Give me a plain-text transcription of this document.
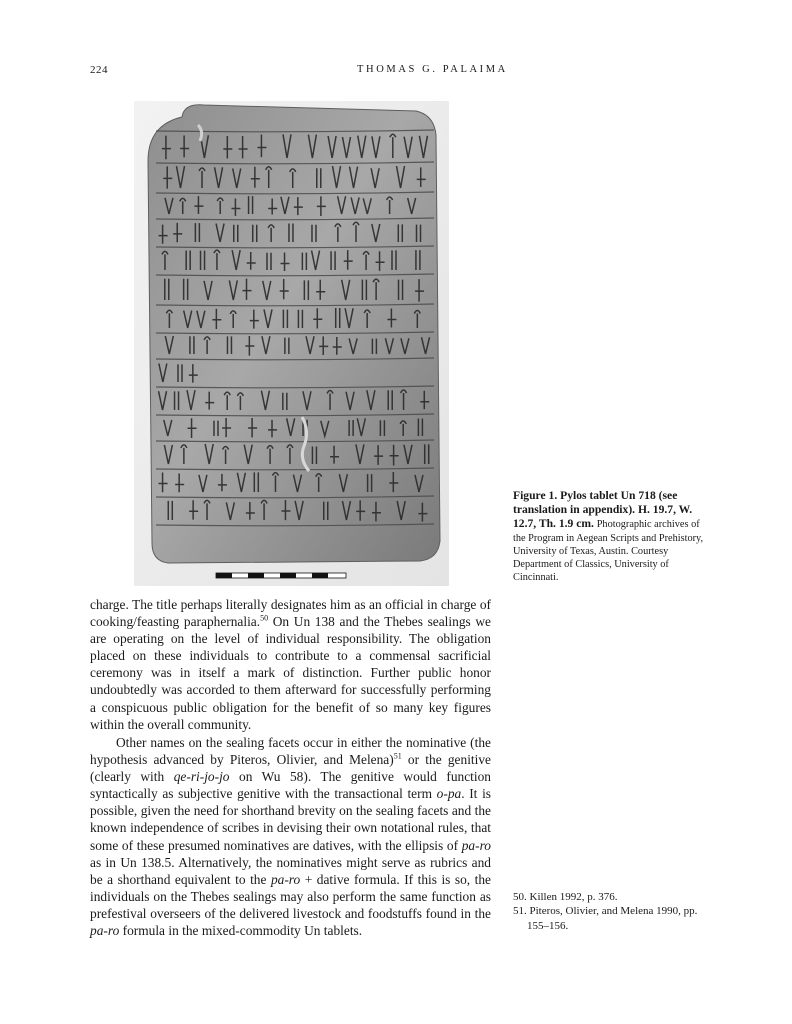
224	THOMAS G. PALAIMA
Figure 1. Pylos tablet Un 718 (see translation in appendix). H. 19.7, W. 12.7, Th. 1.9 cm. Photographic archives of the Program in Aegean Scripts and Prehistory, University of Texas, Austin. Courtesy Department of Classics, University of Cincinnati.
charge. The title perhaps literally designates him as an official in charge of cooking/feasting paraphernalia.$^{50}$ On Un 138 and the Thebes sealings we are operating on the level of individual responsibility. The obligation placed on these individuals to contribute to a commensal sacrificial ceremony was in itself a mark of distinction. Further public honor undoubtedly was accorded to them afterward for successfully performing a conspicuous public obligation for the benefit of so many key figures within the overall community.
Other names on the sealing facets occur in either the nominative (the hypothesis advanced by Piteros, Olivier, and Melena)$^{51}$ or the genitive (clearly with qe-ri-jo-jo on Wu 58). The genitive would function syntactically as subjective genitive with the transactional term o-pa. It is possible, given the need for shorthand brevity on the sealing facets and the known independence of scribes in devising their own notational rules, that some of these presumed nominatives are datives, with the ellipsis of pa-ro as in Un 138.5. Alternatively, the nominatives might serve as rubrics and be a shorthand equivalent to the pa-ro + dative formula. If this is so, the individuals on the Thebes sealings may also perform the same function as prefestival overseers of the delivered livestock and foodstuffs found in the pa-ro formula in the mixed-commodity Un tablets.

50. Killen 1992, p. 376.

51. Piteros, Olivier, and Melena 1990, pp. 155–156.
